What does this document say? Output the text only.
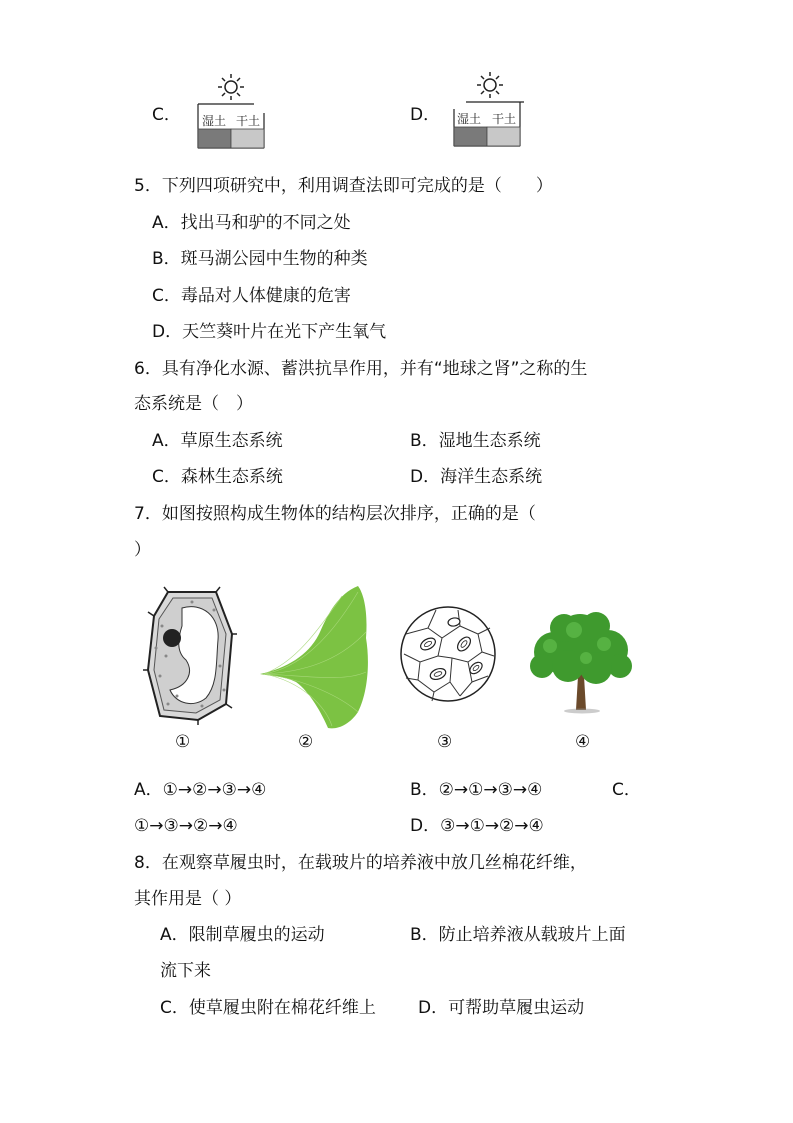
C． 湿土 干土	D． 湿土 干土
5．下列四项研究中，利用调查法即可完成的是（　　）
A．找出马和驴的不同之处
B．斑马湖公园中生物的种类
C．毒品对人体健康的危害
D．天竺葵叶片在光下产生氧气
6．具有净化水源、蓄洪抗旱作用，并有“地球之肾”之称的生
态系统是（　）
A．草原生态系统	B．湿地生态系统
C．森林生态系统	D．海洋生态系统
7．如图按照构成生物体的结构层次排序，正确的是（
）
①	②	③	④
A．①→②→③→④	B．②→①→③→④	C．
①→③→②→④	D．③→①→②→④
8．在观察草履虫时，在载玻片的培养液中放几丝棉花纤维，
其作用是（ ）
A．限制草履虫的运动	B．防止培养液从载玻片上面
流下来
C．使草履虫附在棉花纤维上 D．可帮助草履虫运动
